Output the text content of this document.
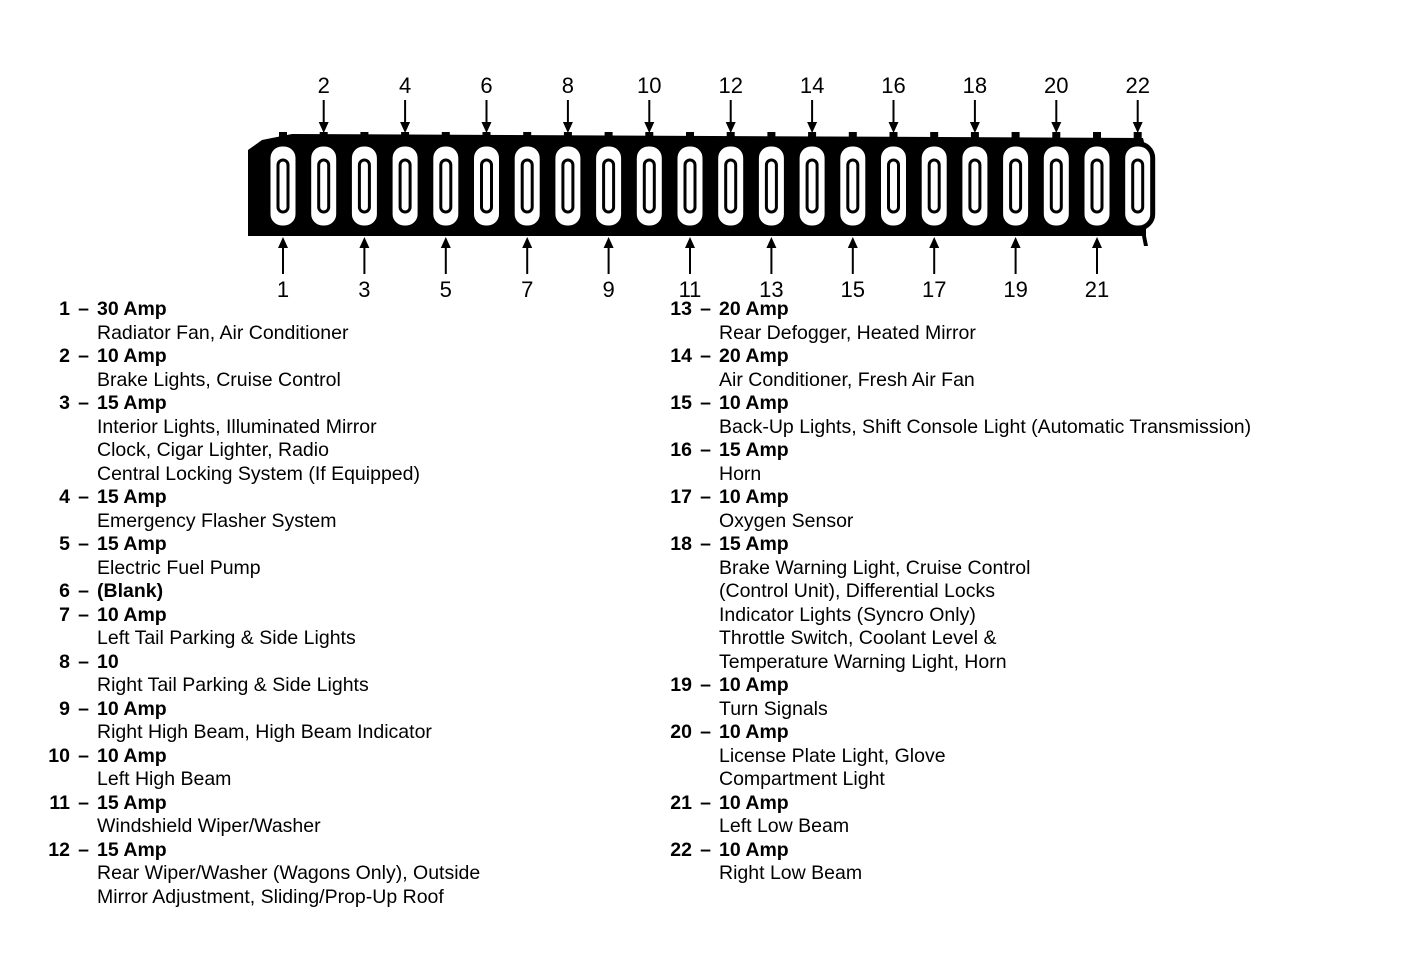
2	4	6	8	10	12	14	16	18	20	22
1	3	5	7	9	11	13	15	17	19	21
1 – 30 Amp
Radiator Fan, Air Conditioner
2 – 10 Amp
Brake Lights, Cruise Control
3 – 15 Amp
Interior Lights, Illuminated Mirror
Clock, Cigar Lighter, Radio
Central Locking System (If Equipped)
4 – 15 Amp
Emergency Flasher System
5 – 15 Amp
Electric Fuel Pump
6 – (Blank)
7 – 10 Amp
Left Tail Parking & Side Lights
8 – 10
Right Tail Parking & Side Lights
9 – 10 Amp
Right High Beam, High Beam Indicator
10 – 10 Amp
Left High Beam
11 – 15 Amp
Windshield Wiper/Washer
12 – 15 Amp
Rear Wiper/Washer (Wagons Only), Outside
Mirror Adjustment, Sliding/Prop-Up Roof
13 – 20 Amp
Rear Defogger, Heated Mirror
14 – 20 Amp
Air Conditioner, Fresh Air Fan
15 – 10 Amp
Back-Up Lights, Shift Console Light (Automatic Transmission)
16 – 15 Amp
Horn
17 – 10 Amp
Oxygen Sensor
18 – 15 Amp
Brake Warning Light, Cruise Control
(Control Unit), Differential Locks
Indicator Lights (Syncro Only)
Throttle Switch, Coolant Level &
Temperature Warning Light, Horn
19 – 10 Amp
Turn Signals
20 – 10 Amp
License Plate Light, Glove
Compartment Light
21 – 10 Amp
Left Low Beam
22 – 10 Amp
Right Low Beam
